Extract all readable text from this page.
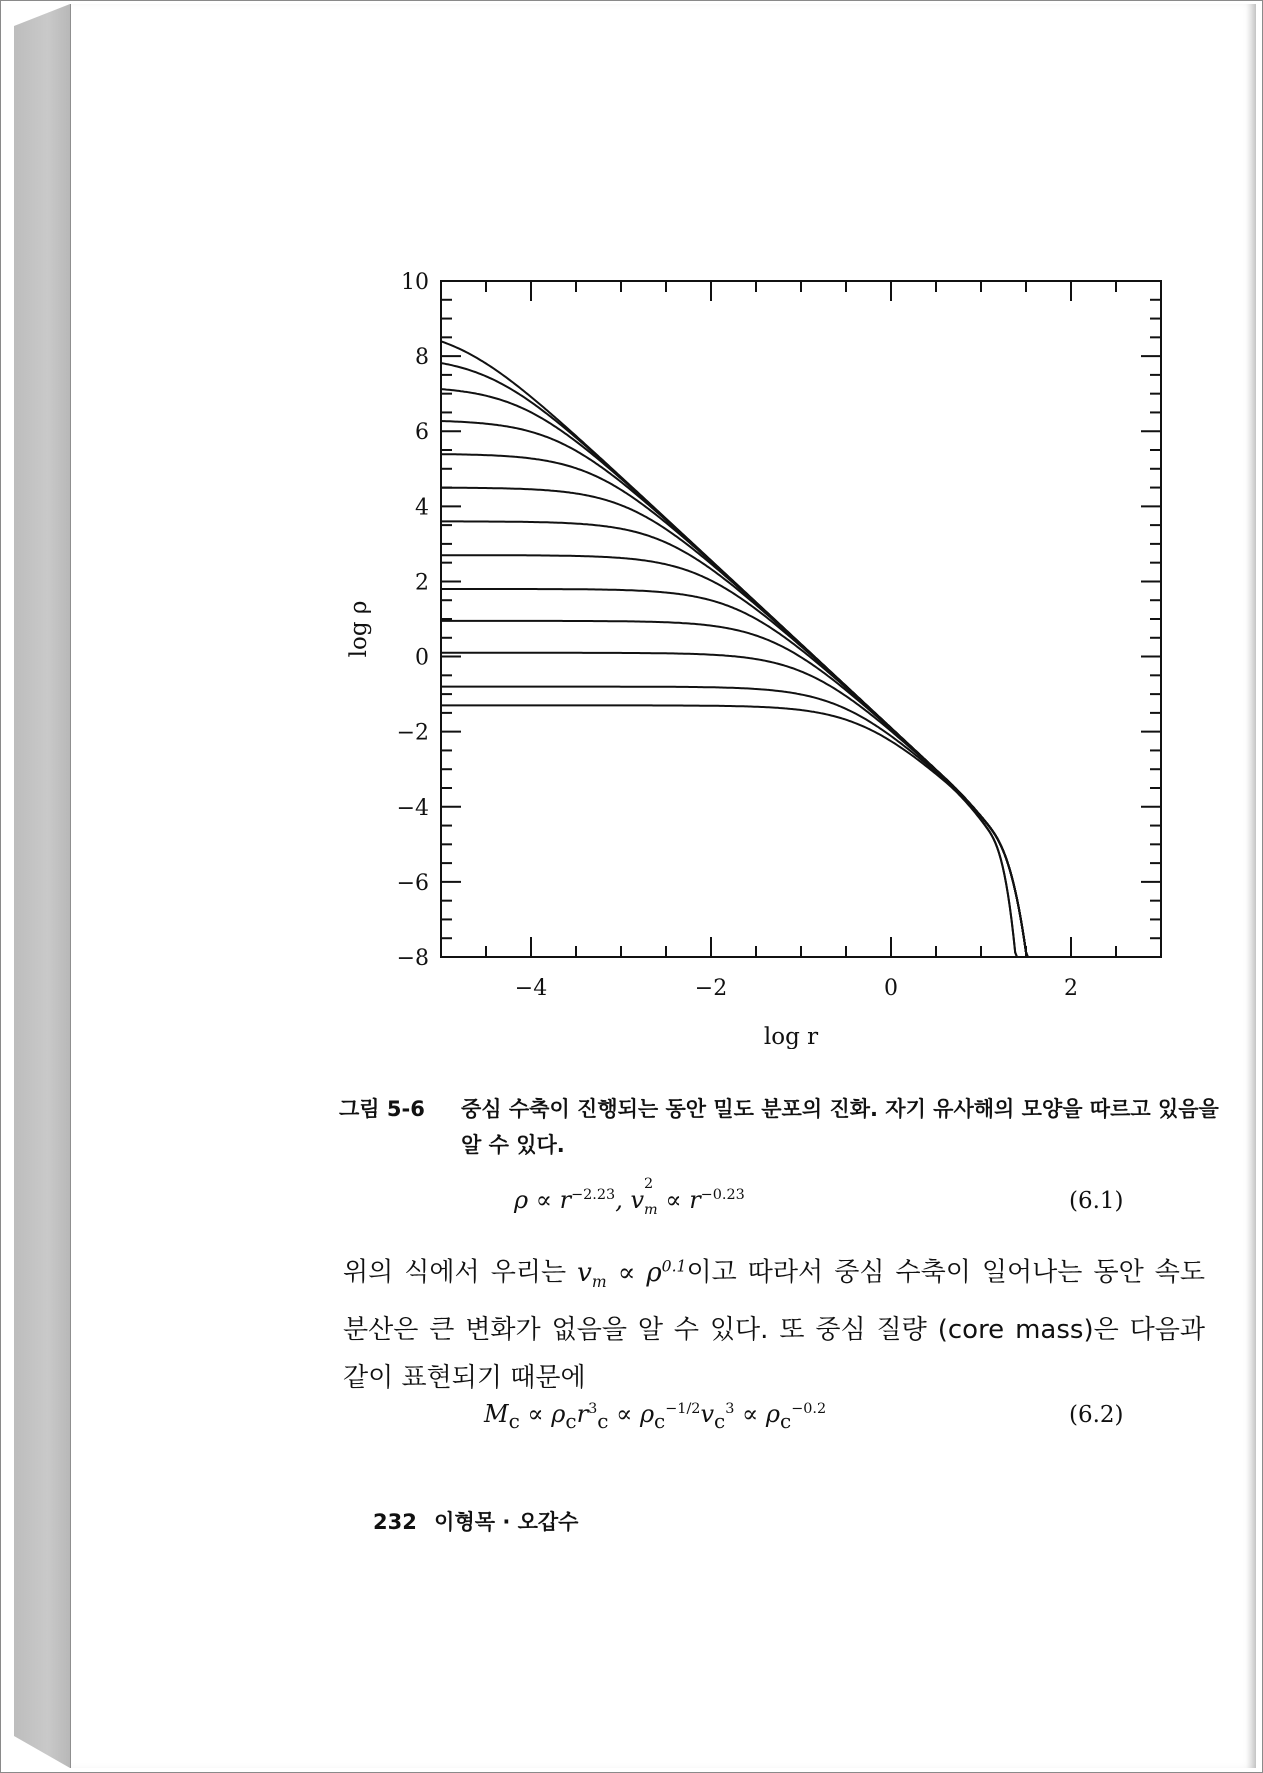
−4	−2	0	2
−8
−6
−4
−2
0
2
4
6
8
10
log r
log ρ
그림 5-6 중심 수축이 진행되는 동안 밀도 분포의 진화. 자기 유사해의 모양을 따르고 있음을 알 수 있다.
$\rho \propto r^{-2.23}$, v
2
$_m \propto r^{-0.23}$	(6.1)
위의 식에서 우리는 $v_m \propto \rho^{0.1}$이고 따라서 중심 수축이 일어나는 동안 속도 분산은 큰 변화가 없음을 알 수 있다. 또 중심 질량 (core mass)은 다음과 같이 표현되기 때문에
$M_c \propto \rho_cr^3_c \propto \rho_c^{-1/2}v_c^3 \propto \rho_c^{-0.2}$	(6.2)
232 이형목 · 오갑수
